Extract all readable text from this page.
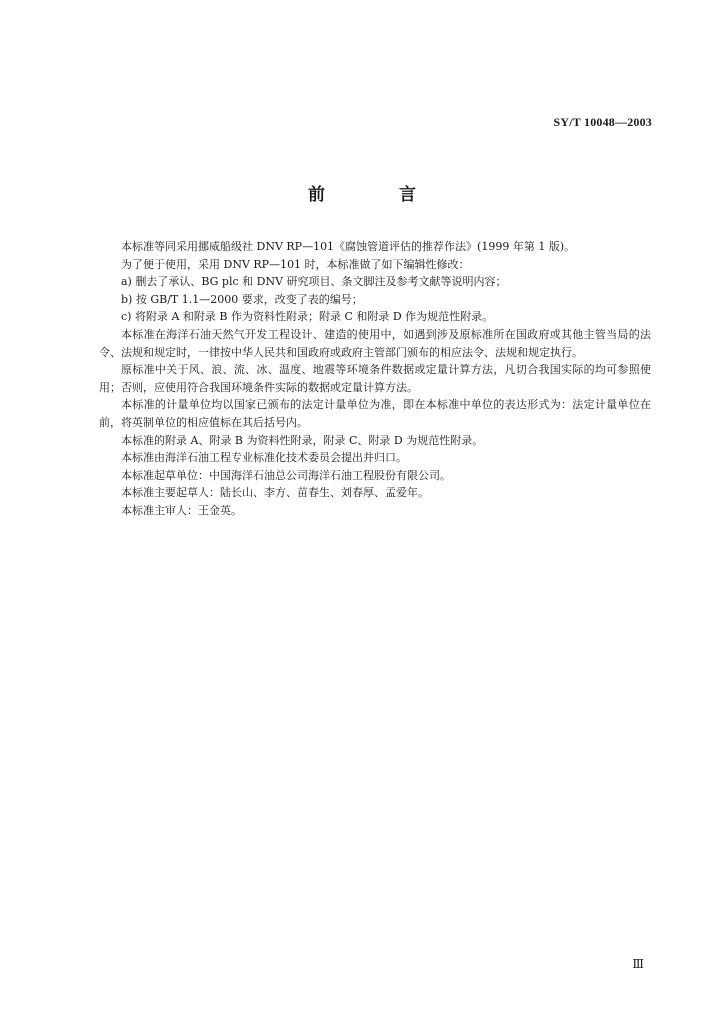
SY/T 10048—2003
前 言

本标准等同采用挪威船级社 DNV RP—101《腐蚀管道评估的推荐作法》(1999 年第 1 版)。

为了便于使用，采用 DNV RP—101 时，本标准做了如下编辑性修改：

a) 删去了承认、BG plc 和 DNV 研究项目、条文脚注及参考文献等说明内容；

b) 按 GB/T 1.1—2000 要求，改变了表的编号；

c) 将附录 A 和附录 B 作为资料性附录；附录 C 和附录 D 作为规范性附录。

本标准在海洋石油天然气开发工程设计、建造的使用中，如遇到涉及原标准所在国政府或其他主管当局的法令、法规和规定时，一律按中华人民共和国政府或政府主管部门颁布的相应法令、法规和规定执行。

原标准中关于风、浪、流、冰、温度、地震等环境条件数据或定量计算方法，凡切合我国实际的均可参照使用；否则，应使用符合我国环境条件实际的数据或定量计算方法。

本标准的计量单位均以国家已颁布的法定计量单位为准，即在本标准中单位的表达形式为：法定计量单位在前，将英制单位的相应值标在其后括号内。

本标准的附录 A、附录 B 为资料性附录，附录 C、附录 D 为规范性附录。

本标准由海洋石油工程专业标准化技术委员会提出并归口。

本标准起草单位：中国海洋石油总公司海洋石油工程股份有限公司。

本标准主要起草人：陆长山、李方、苗春生、刘春厚、孟爱年。

本标准主审人：王金英。

Ⅲ
